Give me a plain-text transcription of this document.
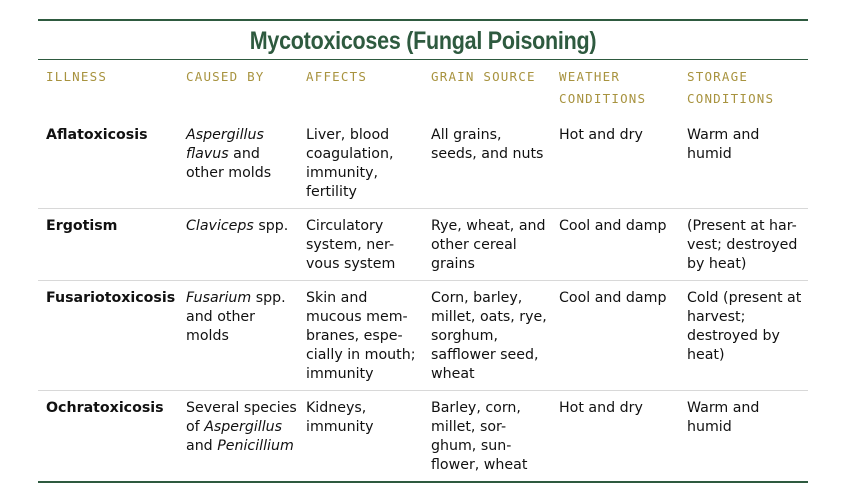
Mycotoxicoses (Fungal Poisoning)
ILLNESS	CAUSED BY	AFFECTS	GRAIN SOURCE	WEATHER CONDITIONS	STORAGE CONDITIONS
Aflatoxicosis	Aspergillus flavus and other molds	Liver, blood coagulation, immunity, fertility	All grains, seeds, and nuts	Hot and dry	Warm and humid
Ergotism	Claviceps spp.	Circulatory system, ner-vous system	Rye, wheat, and other cereal grains	Cool and damp	(Present at har-vest; destroyed by heat)
Fusariotoxicosis	Fusarium spp. and other molds	Skin and mucous mem-branes, espe-cially in mouth; immunity	Corn, barley, millet, oats, rye, sorghum, safflower seed, wheat	Cool and damp	Cold (present at harvest; destroyed by heat)
Ochratoxicosis	Several species of Aspergillus and Penicillium	Kidneys, immunity	Barley, corn, millet, sor-ghum, sun-flower, wheat	Hot and dry	Warm and humid
